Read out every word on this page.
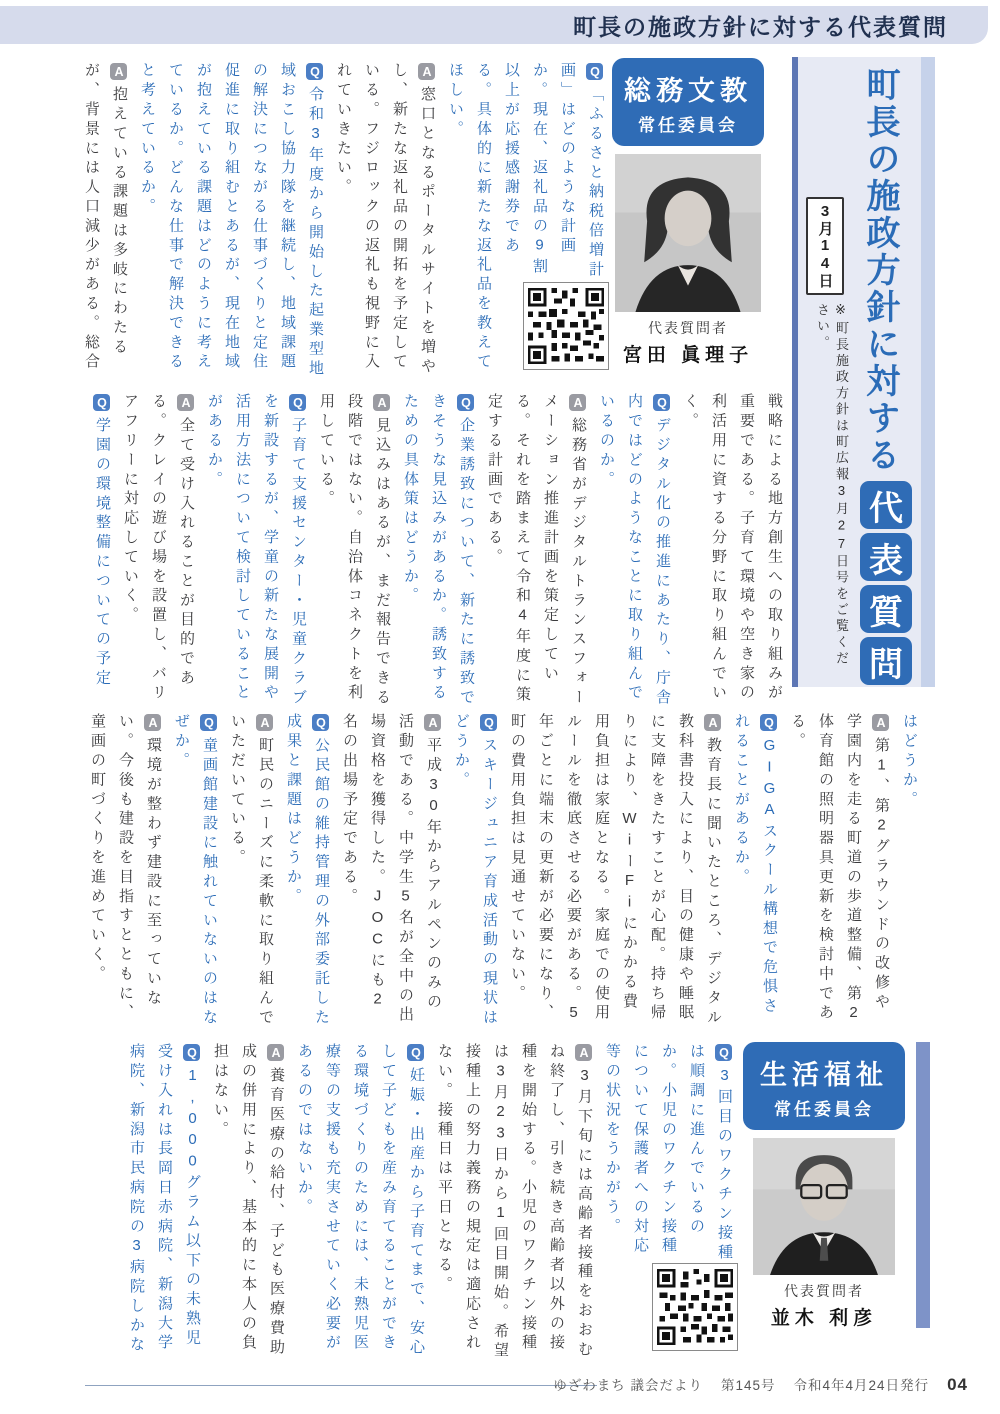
町長の施政方針に対する代表質問
町長の施政方針に対する
代
表
質
問
3月14日
※町長施政方針は町広報3月27日号をご覧ください。
総務文教
常任委員会
代表質問者
宮田 眞理子

Q「ふるさと納税倍増計画」はどのような計画か。現在、返礼品の9割以上が応援感謝券である。具体的に新たな返礼品を教えてほしい。

A窓口となるポータルサイトを増やし、新たな返礼品の開拓を予定している。フジロックの返礼も視野に入れていきたい。

Q令和3年度から開始した起業型地域おこし協力隊を継続し、地域課題の解決につながる仕事づくりと定住促進に取り組むとあるが、現在地域が抱えている課題はどのように考えているか。どんな仕事で解決できると考えているか。

A抱えている課題は多岐にわたるが、背景には人口減少がある。総合

戦略による地方創生への取り組みが重要である。子育て環境や空き家の利活用に資する分野に取り組んでいく。

Qデジタル化の推進にあたり、庁舎内ではどのようなことに取り組んでいるのか。

A総務省がデジタルトランスフォーメーション推進計画を策定している。それを踏まえて令和4年度に策定する計画である。

Q企業誘致について、新たに誘致できそうな見込みがあるか。誘致するための具体策はどうか。

A見込みはあるが、まだ報告できる段階ではない。自治体コネクトを利用している。

Q子育て支援センター・児童クラブを新設するが、学童の新たな展開や活用方法について検討していることがあるか。

A全て受け入れることが目的である。クレイの遊び場を設置し、バリアフリーに対応していく。

Q学園の環境整備についての予定

はどうか。

A第1、第2グラウンドの改修や学園内を走る町道の歩道整備、第2体育館の照明器具更新を検討中である。

QGIGAスクール構想で危惧されることがあるか。

A教育長に聞いたところ、デジタル教科書投入により、目の健康や睡眠に支障をきたすことが心配。持ち帰りにより、WiーFiにかかる費用負担は家庭となる。家庭での使用ルールを徹底させる必要がある。5年ごとに端末の更新が必要になり、町の費用負担は見通せていない。

Qスキージュニア育成活動の現状はどうか。

A平成30年からアルペンのみの活動である。中学生5名が全中の出場資格を獲得した。JOCにも2名の出場予定である。

Q公民館の維持管理の外部委託した成果と課題はどうか。

A町民のニーズに柔軟に取り組んでいただいている。

Q童画館建設に触れていないのはなぜか。

A環境が整わず建設に至っていない。今後も建設を目指すとともに、童画の町づくりを進めていく。

生活福祉
常任委員会
代表質問者
並木 利彦

Q3回目のワクチン接種は順調に進んでいるのか。小児のワクチン接種について保護者への対応等の状況をうかがう。

A3月下旬には高齢者接種をおおむね終了し、引き続き高齢者以外の接種を開始する。小児のワクチン接種は3月23日から1回目開始。希望接種上の努力義務の規定は適応されない。接種日は平日となる。

Q妊娠・出産から子育てまで、安心して子どもを産み育てることができる環境づくりのためには、未熟児医療等の支援も充実させていく必要があるのではないか。

A養育医療の給付、子ども医療費助成の併用により、基本的に本人の負担はない。

Q1,000グラム以下の未熟児受け入れは長岡日赤病院、新潟大学病院、新潟市民病院の3病院しかな

ゆざわまち 議会だより 第145号 令和4年4月24日発行 04
